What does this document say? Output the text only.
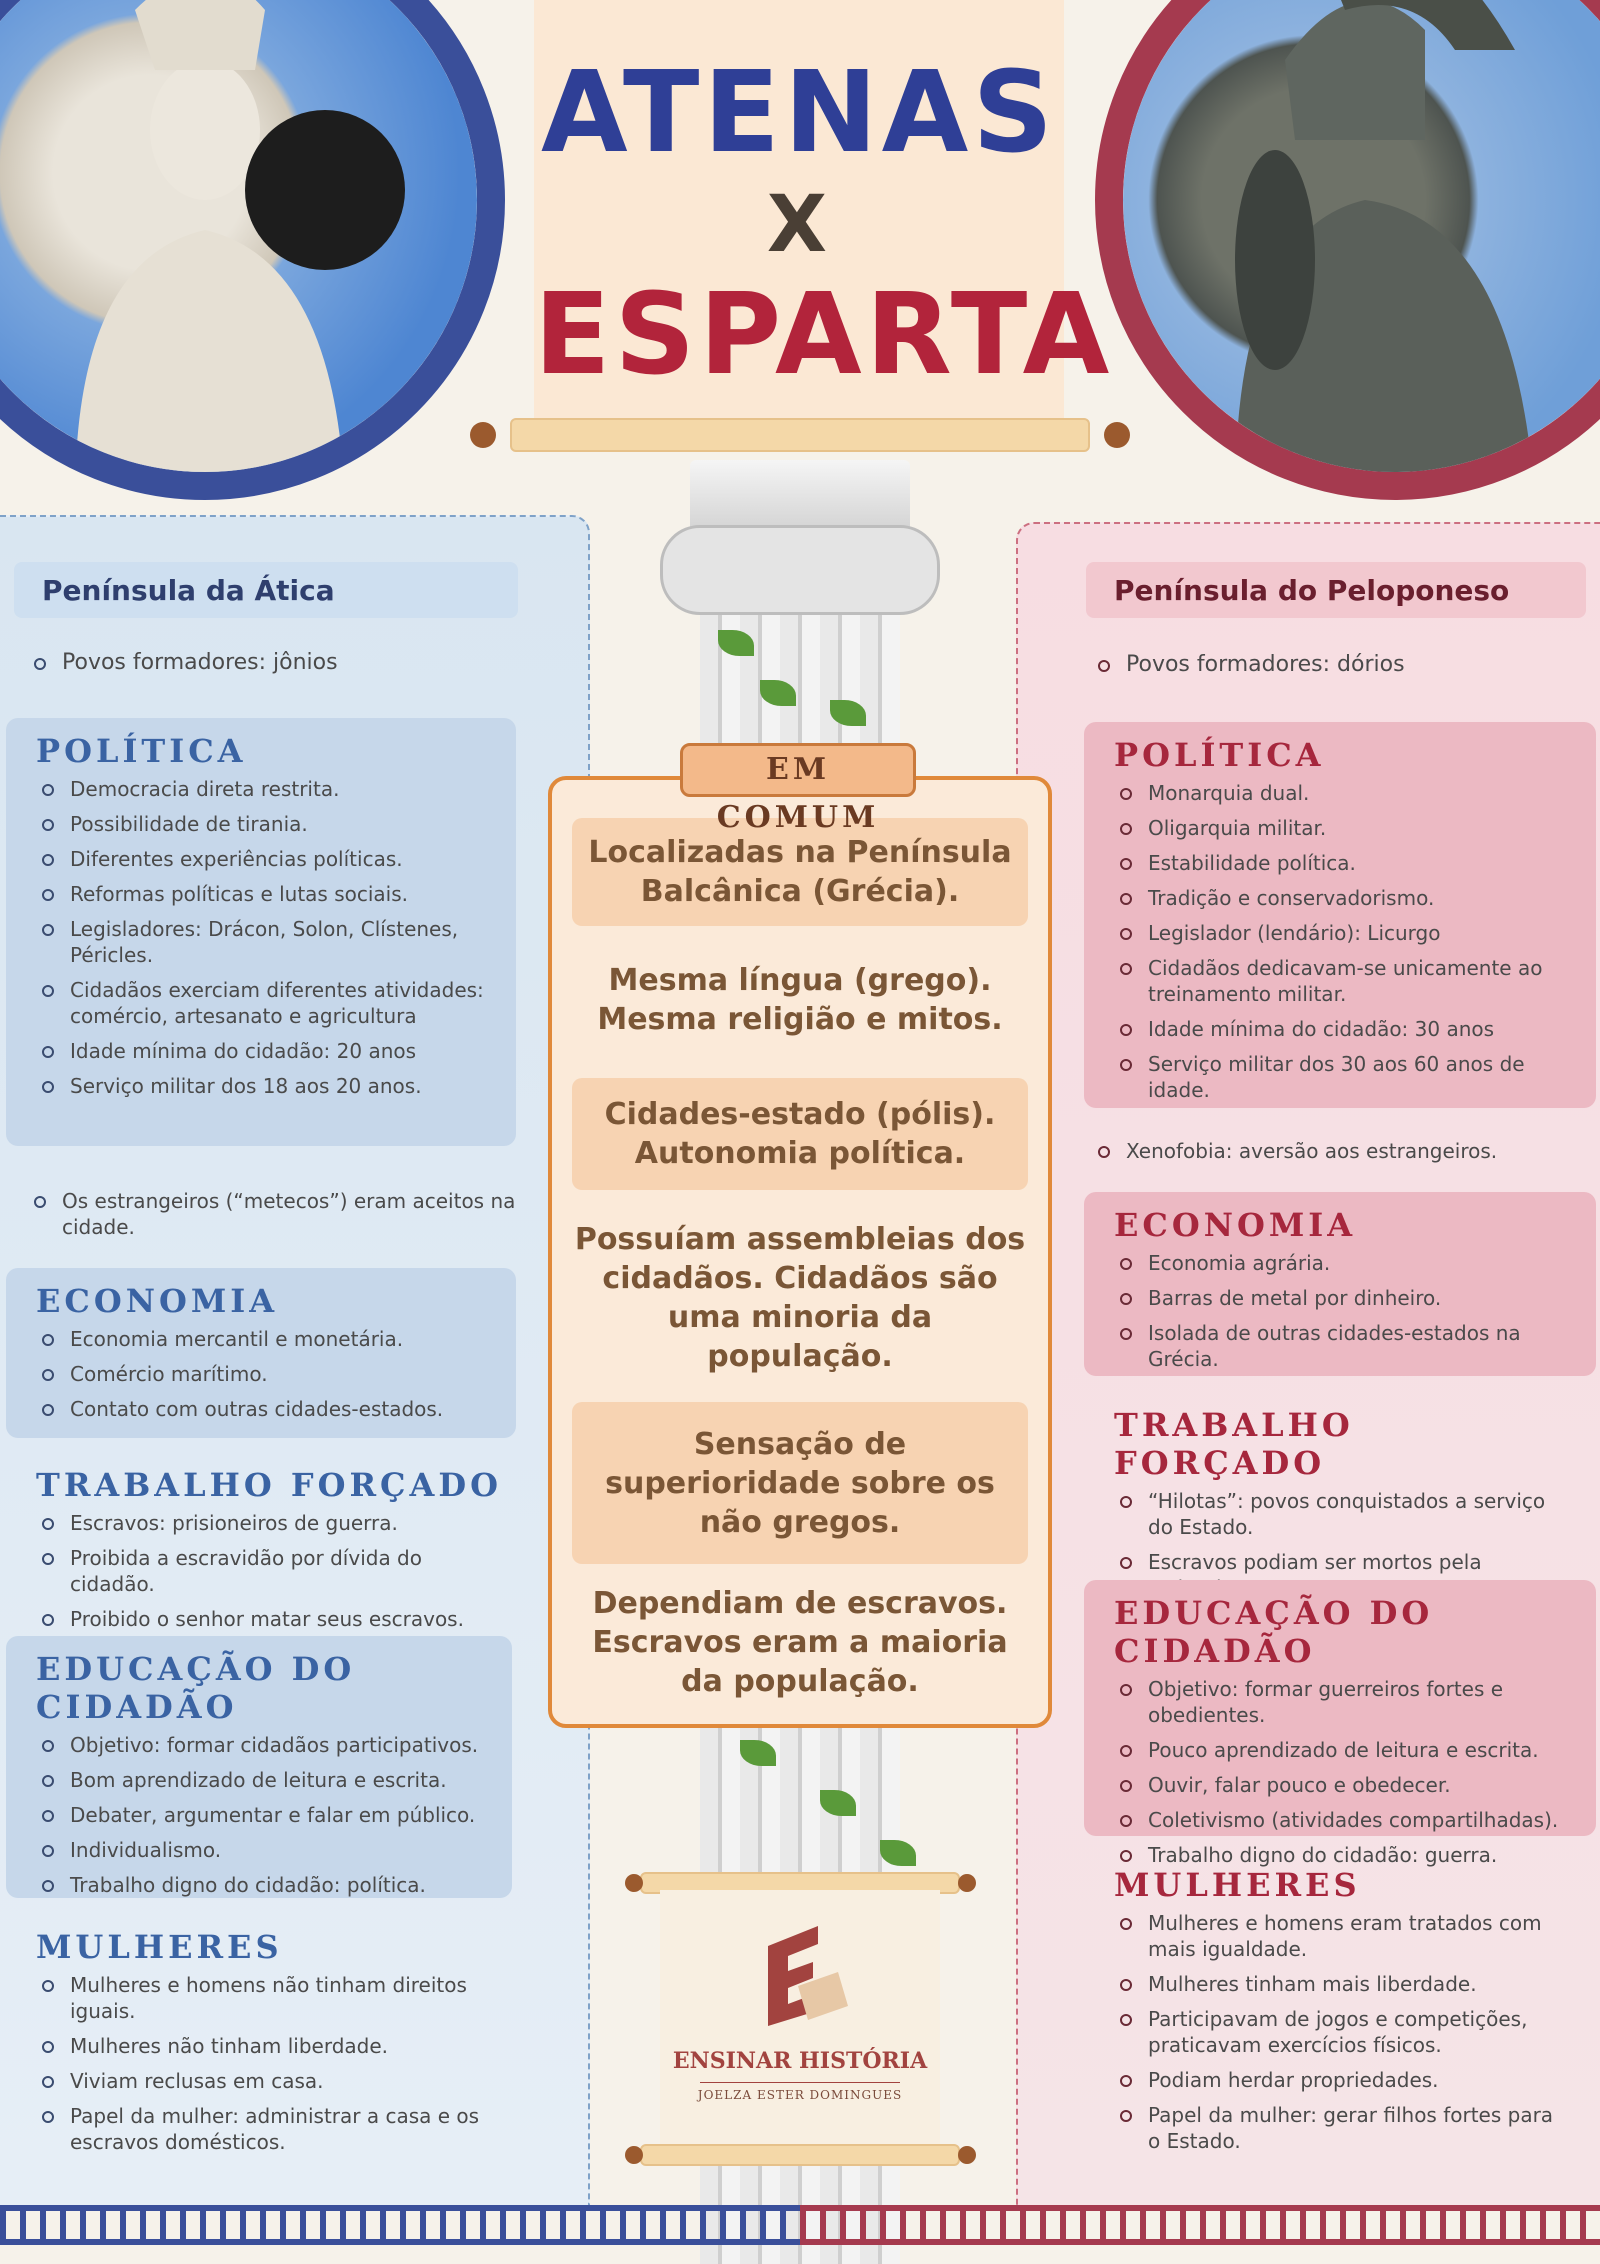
ATENAS
X
ESPARTA
Península da Ática
Povos formadores: jônios
POLÍTICA
Democracia direta restrita.
Possibilidade de tirania.
Diferentes experiências políticas.
Reformas políticas e lutas sociais.
Legisladores: Drácon, Solon, Clístenes, Péricles.
Cidadãos exerciam diferentes atividades: comércio, artesanato e agricultura
Idade mínima do cidadão: 20 anos
Serviço militar dos 18 aos 20 anos.
Os estrangeiros (“metecos”) eram aceitos na cidade.
ECONOMIA
Economia mercantil e monetária.
Comércio marítimo.
Contato com outras cidades-estados.
TRABALHO FORÇADO
Escravos: prisioneiros de guerra.
Proibida a escravidão por dívida do cidadão.
Proibido o senhor matar seus escravos.
EDUCAÇÃO DO CIDADÃO
Objetivo: formar cidadãos participativos.
Bom aprendizado de leitura e escrita.
Debater, argumentar e falar em público.
Individualismo.
Trabalho digno do cidadão: política.
MULHERES
Mulheres e homens não tinham direitos iguais.
Mulheres não tinham liberdade.
Viviam reclusas em casa.
Papel da mulher: administrar a casa e os escravos domésticos.
Localizadas na Península Balcânica (Grécia).
Mesma língua (grego). Mesma religião e mitos.
Cidades-estado (pólis). Autonomia política.
Possuíam assembleias dos cidadãos. Cidadãos são uma minoria da população.
Sensação de superioridade sobre os não gregos.
Dependiam de escravos. Escravos eram a maioria da população.
EM COMUM
ENSINAR HISTÓRIA
JOELZA ESTER DOMINGUES
Península do Peloponeso
Povos formadores: dórios
POLÍTICA
Monarquia dual.
Oligarquia militar.
Estabilidade política.
Tradição e conservadorismo.
Legislador (lendário): Licurgo
Cidadãos dedicavam-se unicamente ao treinamento militar.
Idade mínima do cidadão: 30 anos
Serviço militar dos 30 aos 60 anos de idade.
Xenofobia: aversão aos estrangeiros.
ECONOMIA
Economia agrária.
Barras de metal por dinheiro.
Isolada de outras cidades-estados na Grécia.
TRABALHO FORÇADO
“Hilotas”: povos conquistados a serviço do Estado.
Escravos podiam ser mortos pela
EDUCAÇÃO DO CIDADÃO
Objetivo: formar guerreiros fortes e obedientes.
Pouco aprendizado de leitura e escrita.
Ouvir, falar pouco e obedecer.
Coletivismo (atividades compartilhadas).
Trabalho digno do cidadão: guerra.
MULHERES
Mulheres e homens eram tratados com mais igualdade.
Mulheres tinham mais liberdade.
Participavam de jogos e competições, praticavam exercícios físicos.
Podiam herdar propriedades.
Papel da mulher: gerar filhos fortes para o Estado.
